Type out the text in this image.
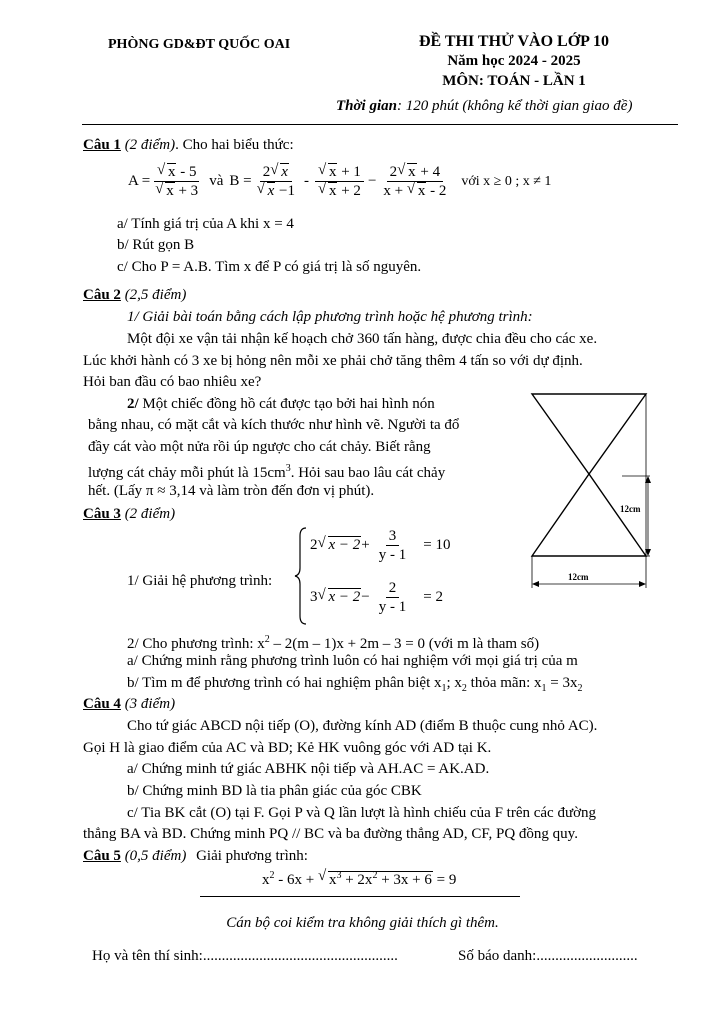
PHÒNG GD&ĐT QUỐC OAI	ĐỀ THI THỬ VÀO LỚP 10
Năm học 2024 - 2025
MÔN: TOÁN - LẦN 1
Thời gian: 120 phút (không kể thời gian giao đề)
Câu 1 (2 điểm). Cho hai biểu thức:
A = √ x - 5
√ x + 3 và B = 2 √ x
√ x −1 - √ x + 1
√ $x + 2 - \frac{2 √ x + 4}{x + √ x - 2}$ với x ≥ 0 ; x ≠ 1
a/ Tính giá trị của A khi x = 4
b/ Rút gọn B
c/ Cho P = A.B. Tìm x để P có giá trị là số nguyên.
Câu 2 (2,5 điểm)
1/ Giải bài toán bằng cách lập phương trình hoặc hệ phương trình:
Một đội xe vận tải nhận kế hoạch chở 360 tấn hàng, được chia đều cho các xe.
Lúc khởi hành có 3 xe bị hỏng nên mỗi xe phải chở tăng thêm 4 tấn so với dự định.
Hỏi ban đầu có bao nhiêu xe?
2/ Một chiếc đồng hồ cát được tạo bởi hai hình nón
bằng nhau, có mặt cắt và kích thước như hình vẽ. Người ta đổ
đầy cát vào một nửa rồi úp ngược cho cát chảy. Biết rằng
lượng cát chảy mỗi phút là $15cm^3$. Hỏi sau bao lâu cát chảy
hết. (Lấy π ≈ 3,14 và làm tròn đến đơn vị phút).
12cm
12cm
Câu 3 (2 điểm)
1/ Giải hệ phương trình:
2 √ $x - 2 + \frac{3}{y - 1} = 10$
3 √ $x - 2 - \frac{2}{y - 1} = 2$
2/ Cho phương trình: $x^2 - 2(m - 1)x + 2m - 3 = 0$ (với m là tham số)
a/ Chứng minh rằng phương trình luôn có hai nghiệm với mọi giá trị của m
b/ Tìm m để phương trình có hai nghiệm phân biệt $x_1$; $x_2$ thỏa mãn: $x_1 = 3x_2$
Câu 4 (3 điểm)
Cho tứ giác ABCD nội tiếp (O), đường kính AD (điểm B thuộc cung nhỏ AC).
Gọi H là giao điểm của AC và BD; Kẻ HK vuông góc với AD tại K.
a/ Chứng minh tứ giác ABHK nội tiếp và AH.AC = AK.AD.
b/ Chứng minh BD là tia phân giác của góc CBK
c/ Tia BK cắt (O) tại F. Gọi P và Q lần lượt là hình chiếu của F trên các đường
thẳng BA và BD. Chứng minh PQ // BC và ba đường thẳng AD, CF, PQ đồng quy.
Câu 5 (0,5 điểm) Giải phương trình:
$x^2 - 6x$ + √ $x^3 + 2x^2 + 3x + 6 = 9$
Cán bộ coi kiểm tra không giải thích gì thêm.
Họ và tên thí sinh:....................................................	Số báo danh:...........................
